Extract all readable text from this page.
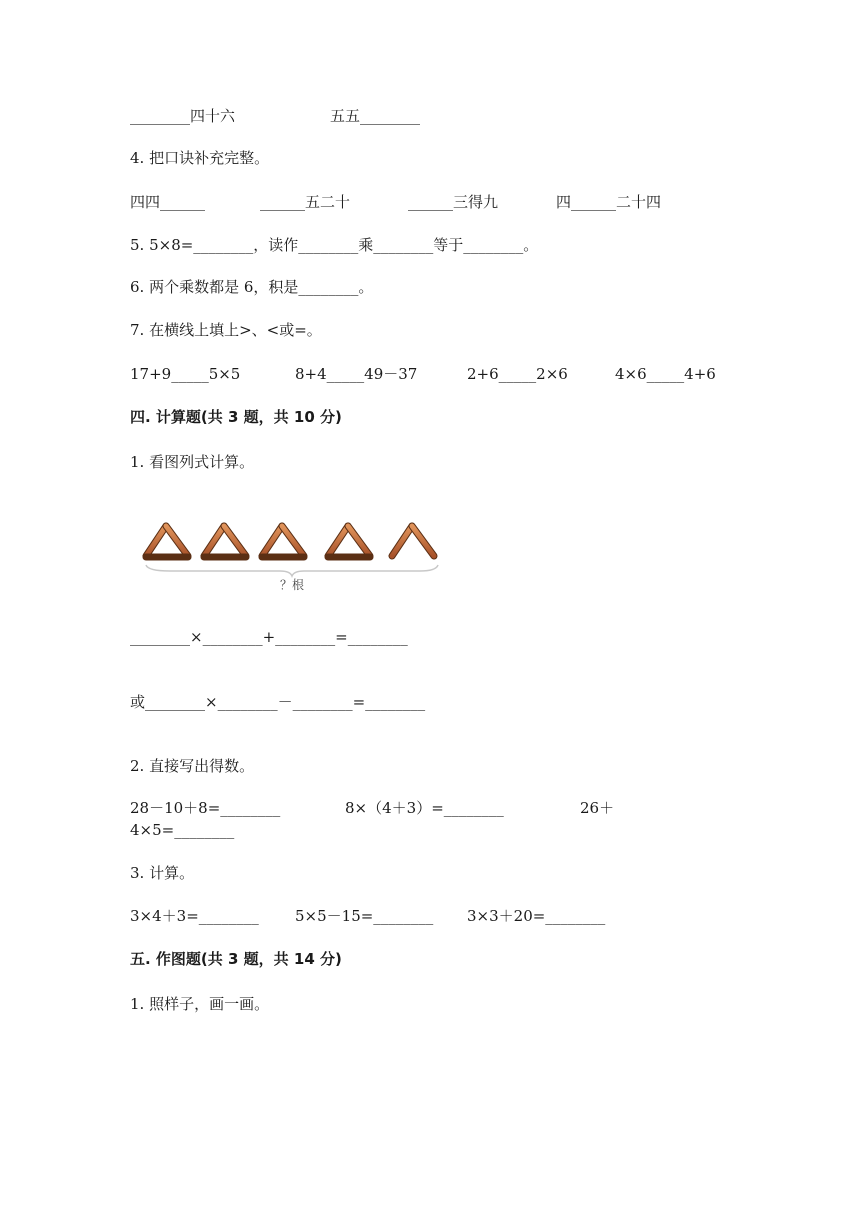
________四十六	五五________
4. 把口诀补充完整。
四四______	______五二十	______三得九	四______二十四
5. 5×8=________，读作________乘________等于________。
6. 两个乘数都是 6，积是________。
7. 在横线上填上>、<或=。
17+9_____5×5	8+4_____49－37	2+6_____2×6	4×6_____4+6
四. 计算题(共 3 题，共 10 分)
1. 看图列式计算。
？根
________×________+________=________
或________×________－________=________
2. 直接写出得数。
28－10＋8=________	8×（4＋3）=________	26＋
4×5=________
3. 计算。
3×4＋3=________ 5×5－15=________ 3×3＋20=________
五. 作图题(共 3 题，共 14 分)
1. 照样子，画一画。
